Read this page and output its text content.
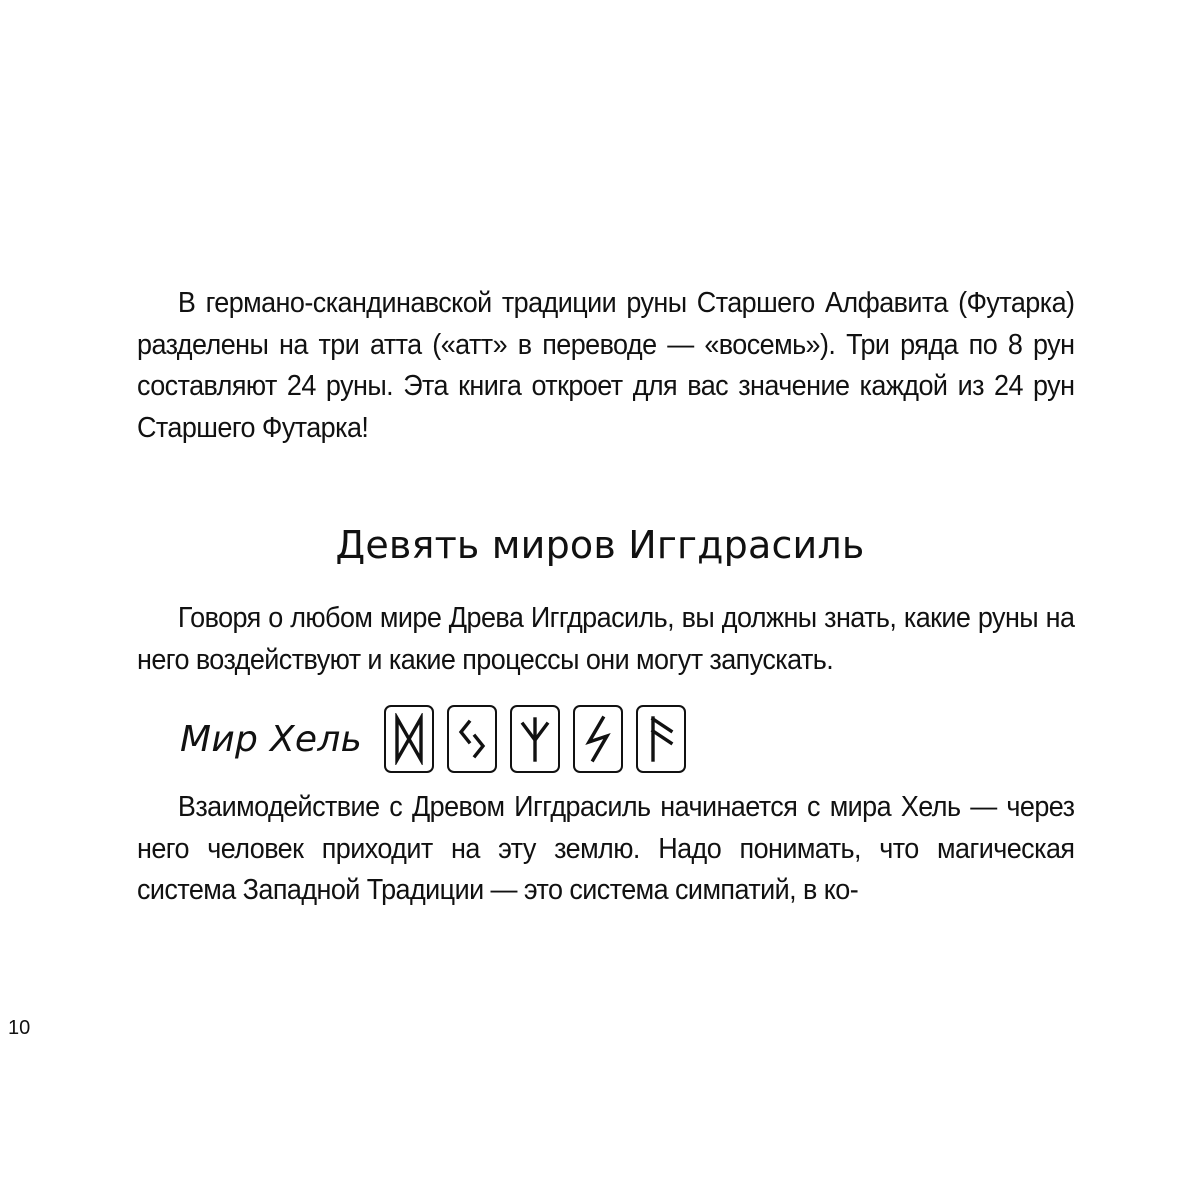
В германо-скандинавской традиции руны Старшего Алфавита (Футарка) разделены на три атта («атт» в переводе — «восемь»). Три ряда по 8 рун составляют 24 руны. Эта книга откроет для вас значение каждой из 24 рун Старшего Футарка!

Девять миров Иггдрасиль

Говоря о любом мире Древа Иггдрасиль, вы должны знать, какие руны на него воздействуют и какие процессы они могут запускать.

Мир Хель

Взаимодействие с Древом Иггдрасиль начинается с мира Хель — через него человек приходит на эту землю. Надо понимать, что магическая система Западной Традиции — это система симпатий, в ко-

10
